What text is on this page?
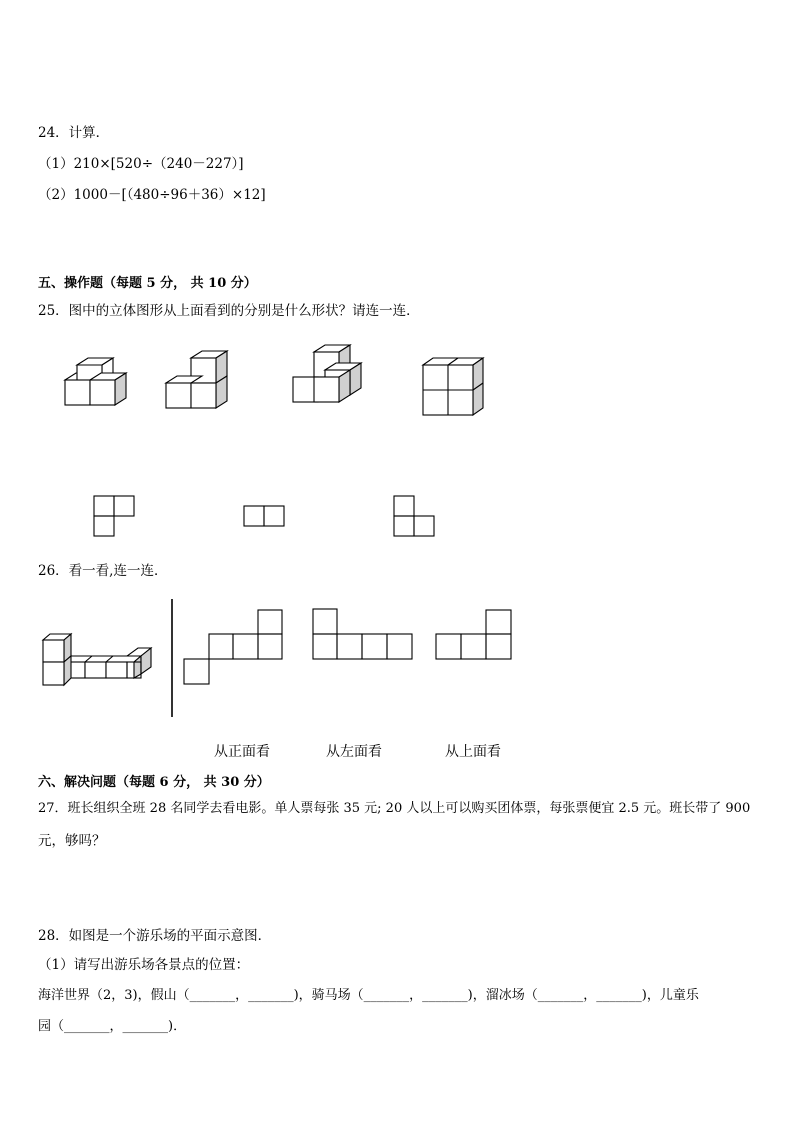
24．计算．
（1）210×[520÷（240－227）]
（2）1000－[（480÷96＋36）×12]
五、操作题（每题 5 分， 共 10 分）
25．图中的立体图形从上面看到的分别是什么形状？请连一连．
26．看一看,连一连．
从正面看	从左面看	从上面看
六、解决问题（每题 6 分， 共 30 分）
27．班长组织全班 28 名同学去看电影。单人票每张 35 元; 20 人以上可以购买团体票，每张票便宜 2.5 元。班长带了 900
元，够吗？
28．如图是一个游乐场的平面示意图．
（1）请写出游乐场各景点的位置：
海洋世界（2，3)，假山（_______，_______)，骑马场（_______，_______)，溜冰场（_______，_______)，儿童乐
园（_______，_______)．
